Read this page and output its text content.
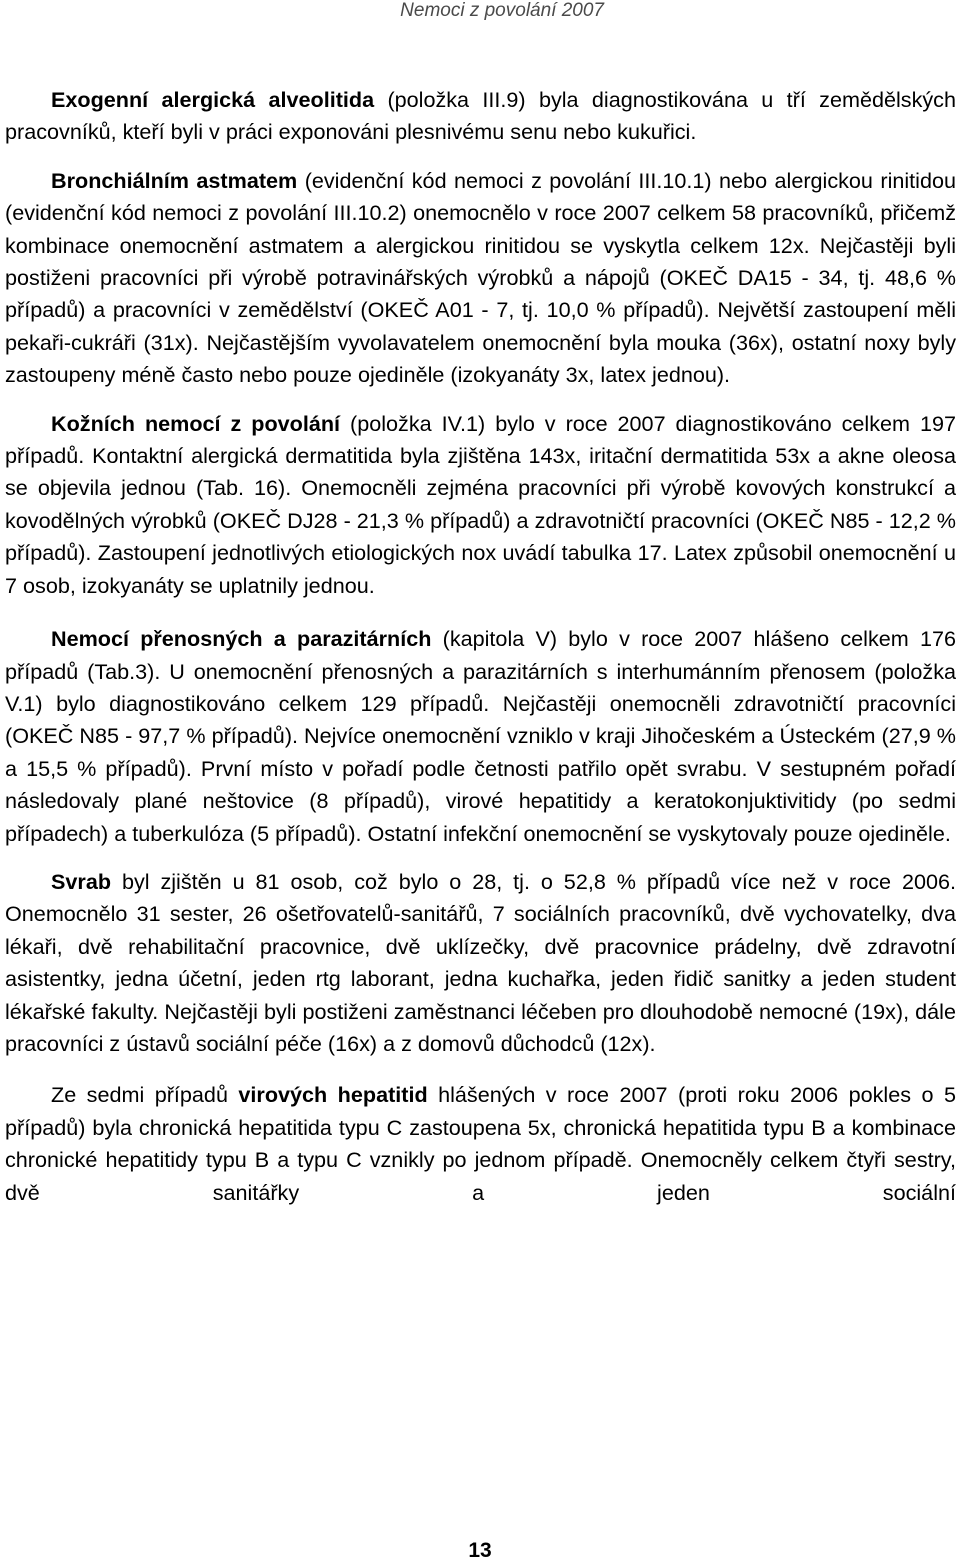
Nemoci z povolání 2007

Exogenní alergická alveolitida (položka III.9) byla diagnostikována u tří zemědělských pracovníků, kteří byli v práci exponováni plesnivému senu nebo kukuřici.

Bronchiálním astmatem (evidenční kód nemoci z povolání III.10.1) nebo alergickou rinitidou (evidenční kód nemoci z povolání III.10.2) onemocnělo v roce 2007 celkem 58 pracovníků, přičemž kombinace onemocnění astmatem a alergickou rinitidou se vyskytla celkem 12x. Nejčastěji byli postiženi pracovníci při výrobě potravinářských výrobků a nápojů (OKEČ DA15 - 34, tj. 48,6 % případů) a pracovníci v zemědělství (OKEČ A01 - 7, tj. 10,0 % případů). Největší zastoupení měli pekaři-cukráři (31x). Nejčastějším vyvolavatelem onemocnění byla mouka (36x), ostatní noxy byly zastoupeny méně často nebo pouze ojediněle (izokyanáty 3x, latex jednou).

Kožních nemocí z povolání (položka IV.1) bylo v roce 2007 diagnostikováno celkem 197 případů. Kontaktní alergická dermatitida byla zjištěna 143x, iritační dermatitida 53x a akne oleosa se objevila jednou (Tab. 16). Onemocněli zejména pracovníci při výrobě kovových konstrukcí a kovodělných výrobků (OKEČ DJ28 - 21,3 % případů) a zdravotničtí pracovníci (OKEČ N85 - 12,2 % případů). Zastoupení jednotlivých etiologických nox uvádí tabulka 17. Latex způsobil onemocnění u 7 osob, izokyanáty se uplatnily jednou.

Nemocí přenosných a parazitárních (kapitola V) bylo v roce 2007 hlášeno celkem 176 případů (Tab.3). U onemocnění přenosných a parazitárních s interhumánním přenosem (položka V.1) bylo diagnostikováno celkem 129 případů. Nejčastěji onemocněli zdravotničtí pracovníci (OKEČ N85 - 97,7 % případů). Nejvíce onemocnění vzniklo v kraji Jihočeském a Ústeckém (27,9 % a 15,5 % případů). První místo v pořadí podle četnosti patřilo opět svrabu. V sestupném pořadí následovaly plané neštovice (8 případů), virové hepatitidy a keratokonjuktivitidy (po sedmi případech) a tuberkulóza (5 případů). Ostatní infekční onemocnění se vyskytovaly pouze ojediněle.

Svrab byl zjištěn u 81 osob, což bylo o 28, tj. o 52,8 % případů více než v roce 2006. Onemocnělo 31 sester, 26 ošetřovatelů-sanitářů, 7 sociálních pracovníků, dvě vychovatelky, dva lékaři, dvě rehabilitační pracovnice, dvě uklízečky, dvě pracovnice prádelny, dvě zdravotní asistentky, jedna účetní, jeden rtg laborant, jedna kuchařka, jeden řidič sanitky a jeden student lékařské fakulty. Nejčastěji byli postiženi zaměstnanci léčeben pro dlouhodobě nemocné (19x), dále pracovníci z ústavů sociální péče (16x) a z domovů důchodců (12x).

Ze sedmi případů virových hepatitid hlášených v roce 2007 (proti roku 2006 pokles o 5 případů) byla chronická hepatitida typu C zastoupena 5x, chronická hepatitida typu B a kombinace chronické hepatitidy typu B a typu C vznikly po jednom případě. Onemocněly celkem čtyři sestry, dvě sanitářky a jeden sociální

13
